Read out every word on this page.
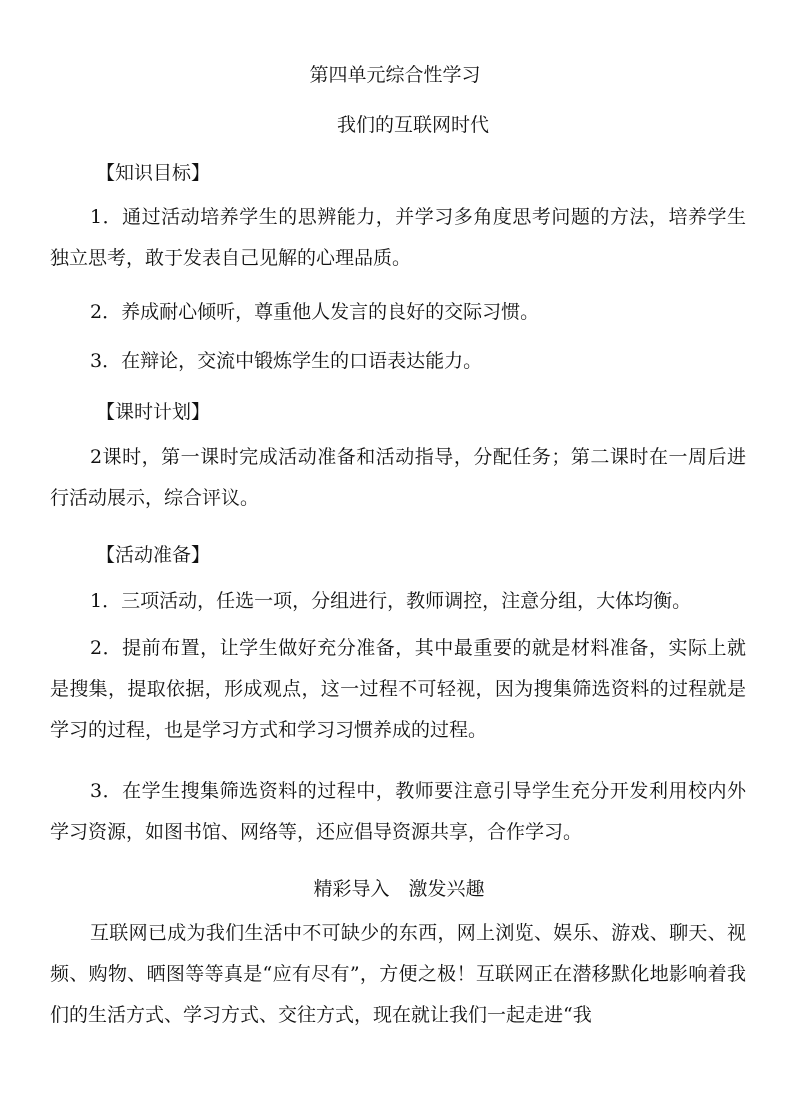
第四单元综合性学习
我们的互联网时代
【知识目标】
1．通过活动培养学生的思辨能力，并学习多角度思考问题的方法，培养学生独立思考，敢于发表自己见解的心理品质。
2．养成耐心倾听，尊重他人发言的良好的交际习惯。
3．在辩论，交流中锻炼学生的口语表达能力。
【课时计划】
2课时，第一课时完成活动准备和活动指导，分配任务；第二课时在一周后进行活动展示，综合评议。
【活动准备】
1．三项活动，任选一项，分组进行，教师调控，注意分组，大体均衡。
2．提前布置，让学生做好充分准备，其中最重要的就是材料准备，实际上就是搜集，提取依据，形成观点，这一过程不可轻视，因为搜集筛选资料的过程就是学习的过程，也是学习方式和学习习惯养成的过程。
3．在学生搜集筛选资料的过程中，教师要注意引导学生充分开发利用校内外学习资源，如图书馆、网络等，还应倡导资源共享，合作学习。
精彩导入　激发兴趣
互联网已成为我们生活中不可缺少的东西，网上浏览、娱乐、游戏、聊天、视频、购物、晒图等等真是“应有尽有”，方便之极！互联网正在潜移默化地影响着我们的生活方式、学习方式、交往方式，现在就让我们一起走进“我
